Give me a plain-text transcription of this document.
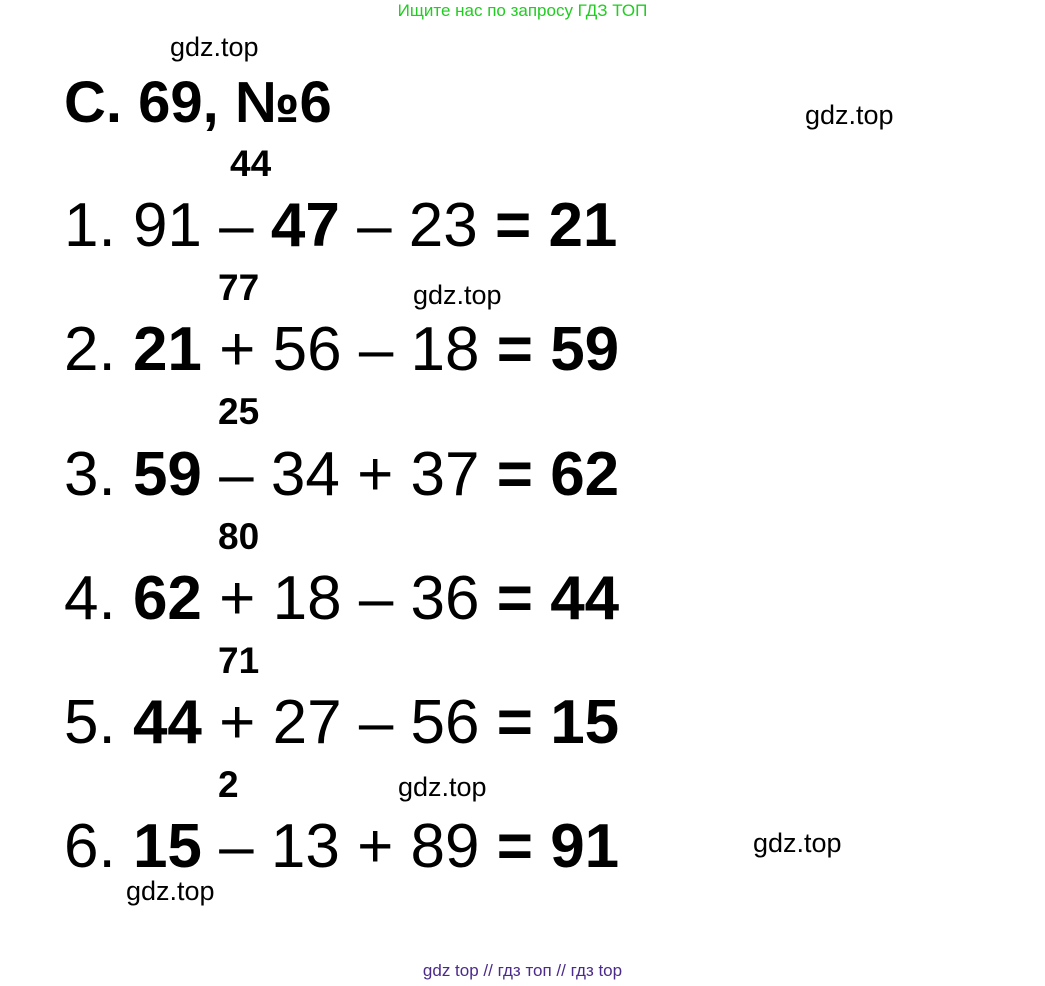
Ищите нас по запросу ГДЗ ТОП
gdz.top
gdz.top
gdz.top
gdz.top
gdz.top
gdz.top
С. 69, №6
44
77
25
80
71
2
1. 91 – 47 – 23 = 21
2. 21 + 56 – 18 = 59
3. 59 – 34 + 37 = 62
4. 62 + 18 – 36 = 44
5. 44 + 27 – 56 = 15
6. 15 – 13 + 89 = 91
gdz top // гдз топ // гдз top
